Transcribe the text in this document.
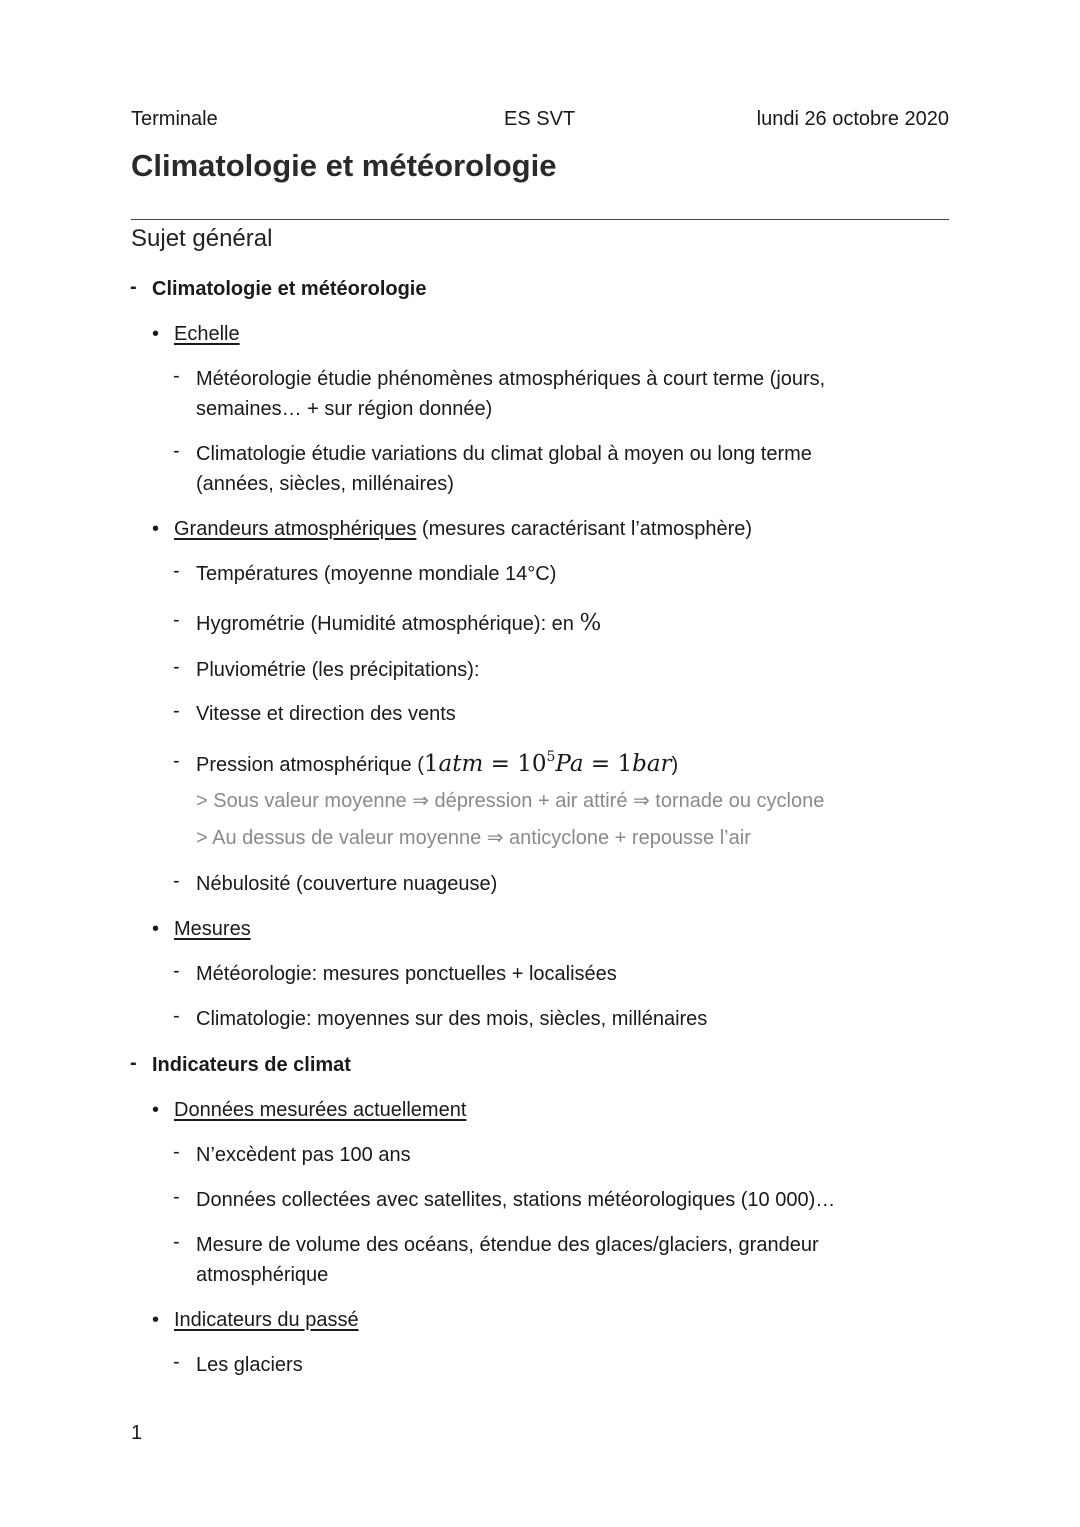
Terminale	ES SVT	lundi 26 octobre 2020
Climatologie et météorologie
Sujet général
- Climatologie et météorologie
• Echelle
- Météorologie étudie phénomènes atmosphériques à court terme (jours,
semaines… + sur région donnée)
- Climatologie étudie variations du climat global à moyen ou long terme
(années, siècles, millénaires)
• Grandeurs atmosphériques (mesures caractérisant l’atmosphère)
- Températures (moyenne mondiale 14°C)
- Hygrométrie (Humidité atmosphérique): en %
- Pluviométrie (les précipitations):
- Vitesse et direction des vents
- Pression atmosphérique $(1atm = 10^5Pa = 1bar)$
> Sous valeur moyenne ⇒ dépression + air attiré ⇒ tornade ou cyclone
> Au dessus de valeur moyenne ⇒ anticyclone + repousse l’air
- Nébulosité (couverture nuageuse)
• Mesures
- Météorologie: mesures ponctuelles + localisées
- Climatologie: moyennes sur des mois, siècles, millénaires
- Indicateurs de climat
• Données mesurées actuellement
- N’excèdent pas 100 ans
- Données collectées avec satellites, stations météorologiques (10 000)…
- Mesure de volume des océans, étendue des glaces/glaciers, grandeur
atmosphérique
• Indicateurs du passé
- Les glaciers
1
